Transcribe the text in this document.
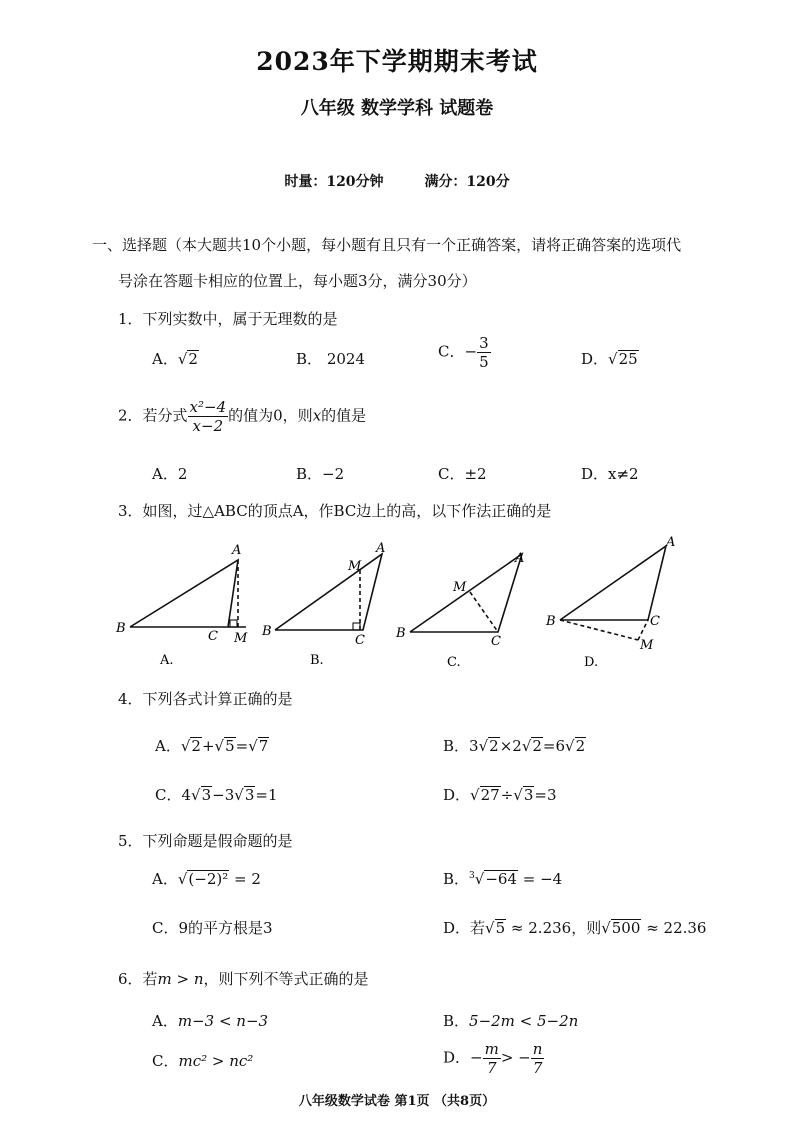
2023年下学期期末考试
八年级 数学学科 试题卷
时量：120分钟	满分：120分
一、选择题（本大题共10个小题，每小题有且只有一个正确答案，请将正确答案的选项代
号涂在答题卡相应的位置上，每小题3分，满分30分）
1．下列实数中，属于无理数的是
A．√2	B． 2024	C．− $\frac{3}{5}$	D．√25
2．若分式 $\frac{\text{x²−4}}{x-2}$ 的值为0，则x的值是
A．2	B．−2	C．±2	D．x≠2
3．如图，过△ABC的顶点A，作BC边上的高，以下作法正确的是
B
A
C M
A.
B
A
M
C
B.
B
A
M
C
C.
B
A
C
M
D.
4．下列各式计算正确的是
A．√2+√5=√7	B．3√2×2√2=6√2
C．4√3−3√3=1	D．√27÷√3=3
5．下列命题是假命题的是
A．√(−2)² = 2	B．$^3$√−64 = −4
C．9的平方根是3	D．若√5 ≈ 2.236，则√500 ≈ 22.36
6．若m > n，则下列不等式正确的是
A．m−3 < n−3	B．5−2m < 5−2n
C．mc² > nc²	D．− $\frac{m}{7}$ > − $\frac{n}{7}$
八年级数学试卷 第1页 （共8页）
